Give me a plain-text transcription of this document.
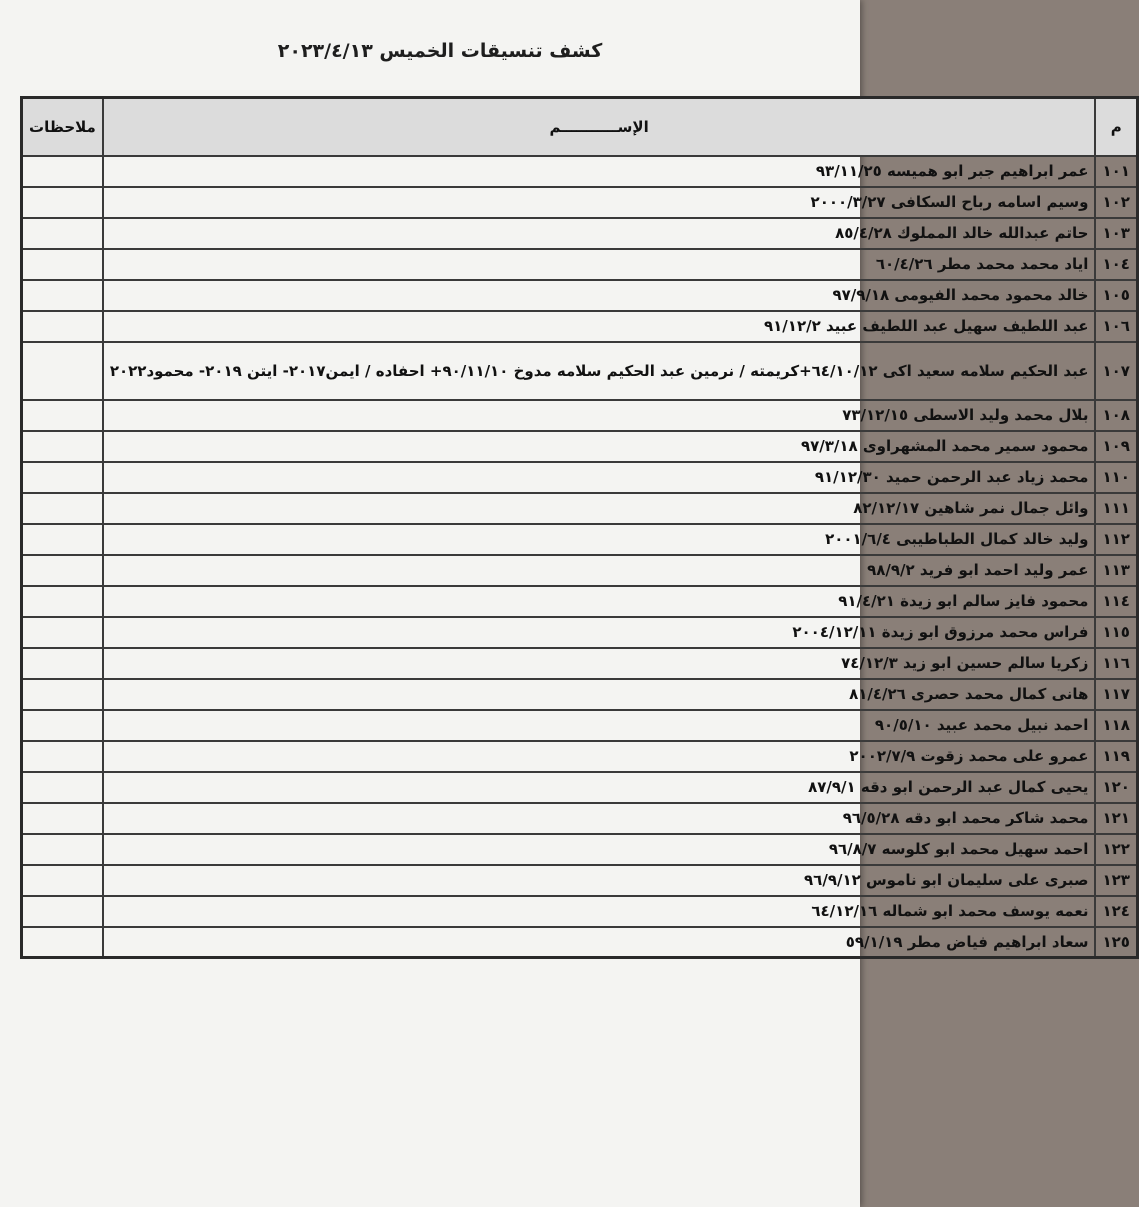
كشف تنسيقات الخميس ٢٠٢٣/٤/١٣
م	الإســـــــــــم	ملاحظات
١٠١	عمر ابراهيم جبر ابو هميسه ٩٣/١١/٢٥	
١٠٢	وسيم اسامه رباح السكافى ٢٠٠٠/٣/٢٧	
١٠٣	حاتم عبدالله خالد المملوك ٨٥/٤/٢٨	
١٠٤	اياد محمد محمد مطر ٦٠/٤/٢٦	
١٠٥	خالد محمود محمد الفيومى ٩٧/٩/١٨	
١٠٦	عبد اللطيف سهيل عبد اللطيف عبيد ٩١/١٢/٢	
١٠٧	عبد الحكيم سلامه سعيد اكى ٦٤/١٠/١٢+كريمته / نرمين عبد الحكيم سلامه مدوخ ٩٠/١١/١٠+ احفاده / ايمن٢٠١٧- ايتن ٢٠١٩- محمود٢٠٢٢	
١٠٨	بلال محمد وليد الاسطى ٧٣/١٢/١٥	
١٠٩	محمود سمير محمد المشهراوى ٩٧/٣/١٨	
١١٠	محمد زياد عبد الرحمن حميد ٩١/١٢/٣٠	
١١١	وائل جمال نمر شاهين ٨٢/١٢/١٧	
١١٢	وليد خالد كمال الطباطيبى ٢٠٠١/٦/٤	
١١٣	عمر وليد احمد ابو فريد ٩٨/٩/٢	
١١٤	محمود فايز سالم ابو زيدة ٩١/٤/٢١	
١١٥	فراس محمد مرزوق ابو زيدة ٢٠٠٤/١٢/١١	
١١٦	زكريا سالم حسين ابو زيد ٧٤/١٢/٣	
١١٧	هانى كمال محمد حصرى ٨١/٤/٢٦	
١١٨	احمد نبيل محمد عبيد ٩٠/٥/١٠	
١١٩	عمرو على محمد زقوت ٢٠٠٢/٧/٩	
١٢٠	يحيى كمال عبد الرحمن ابو دقه ٨٧/٩/١	
١٢١	محمد شاكر محمد ابو دقه ٩٦/٥/٢٨	
١٢٢	احمد سهيل محمد ابو كلوسه ٩٦/٨/٧	
١٢٣	صبرى على سليمان ابو ناموس ٩٦/٩/١٢	
١٢٤	نعمه يوسف محمد ابو شماله ٦٤/١٢/١٦	
١٢٥	سعاد ابراهيم فياض مطر ٥٩/١/١٩	
